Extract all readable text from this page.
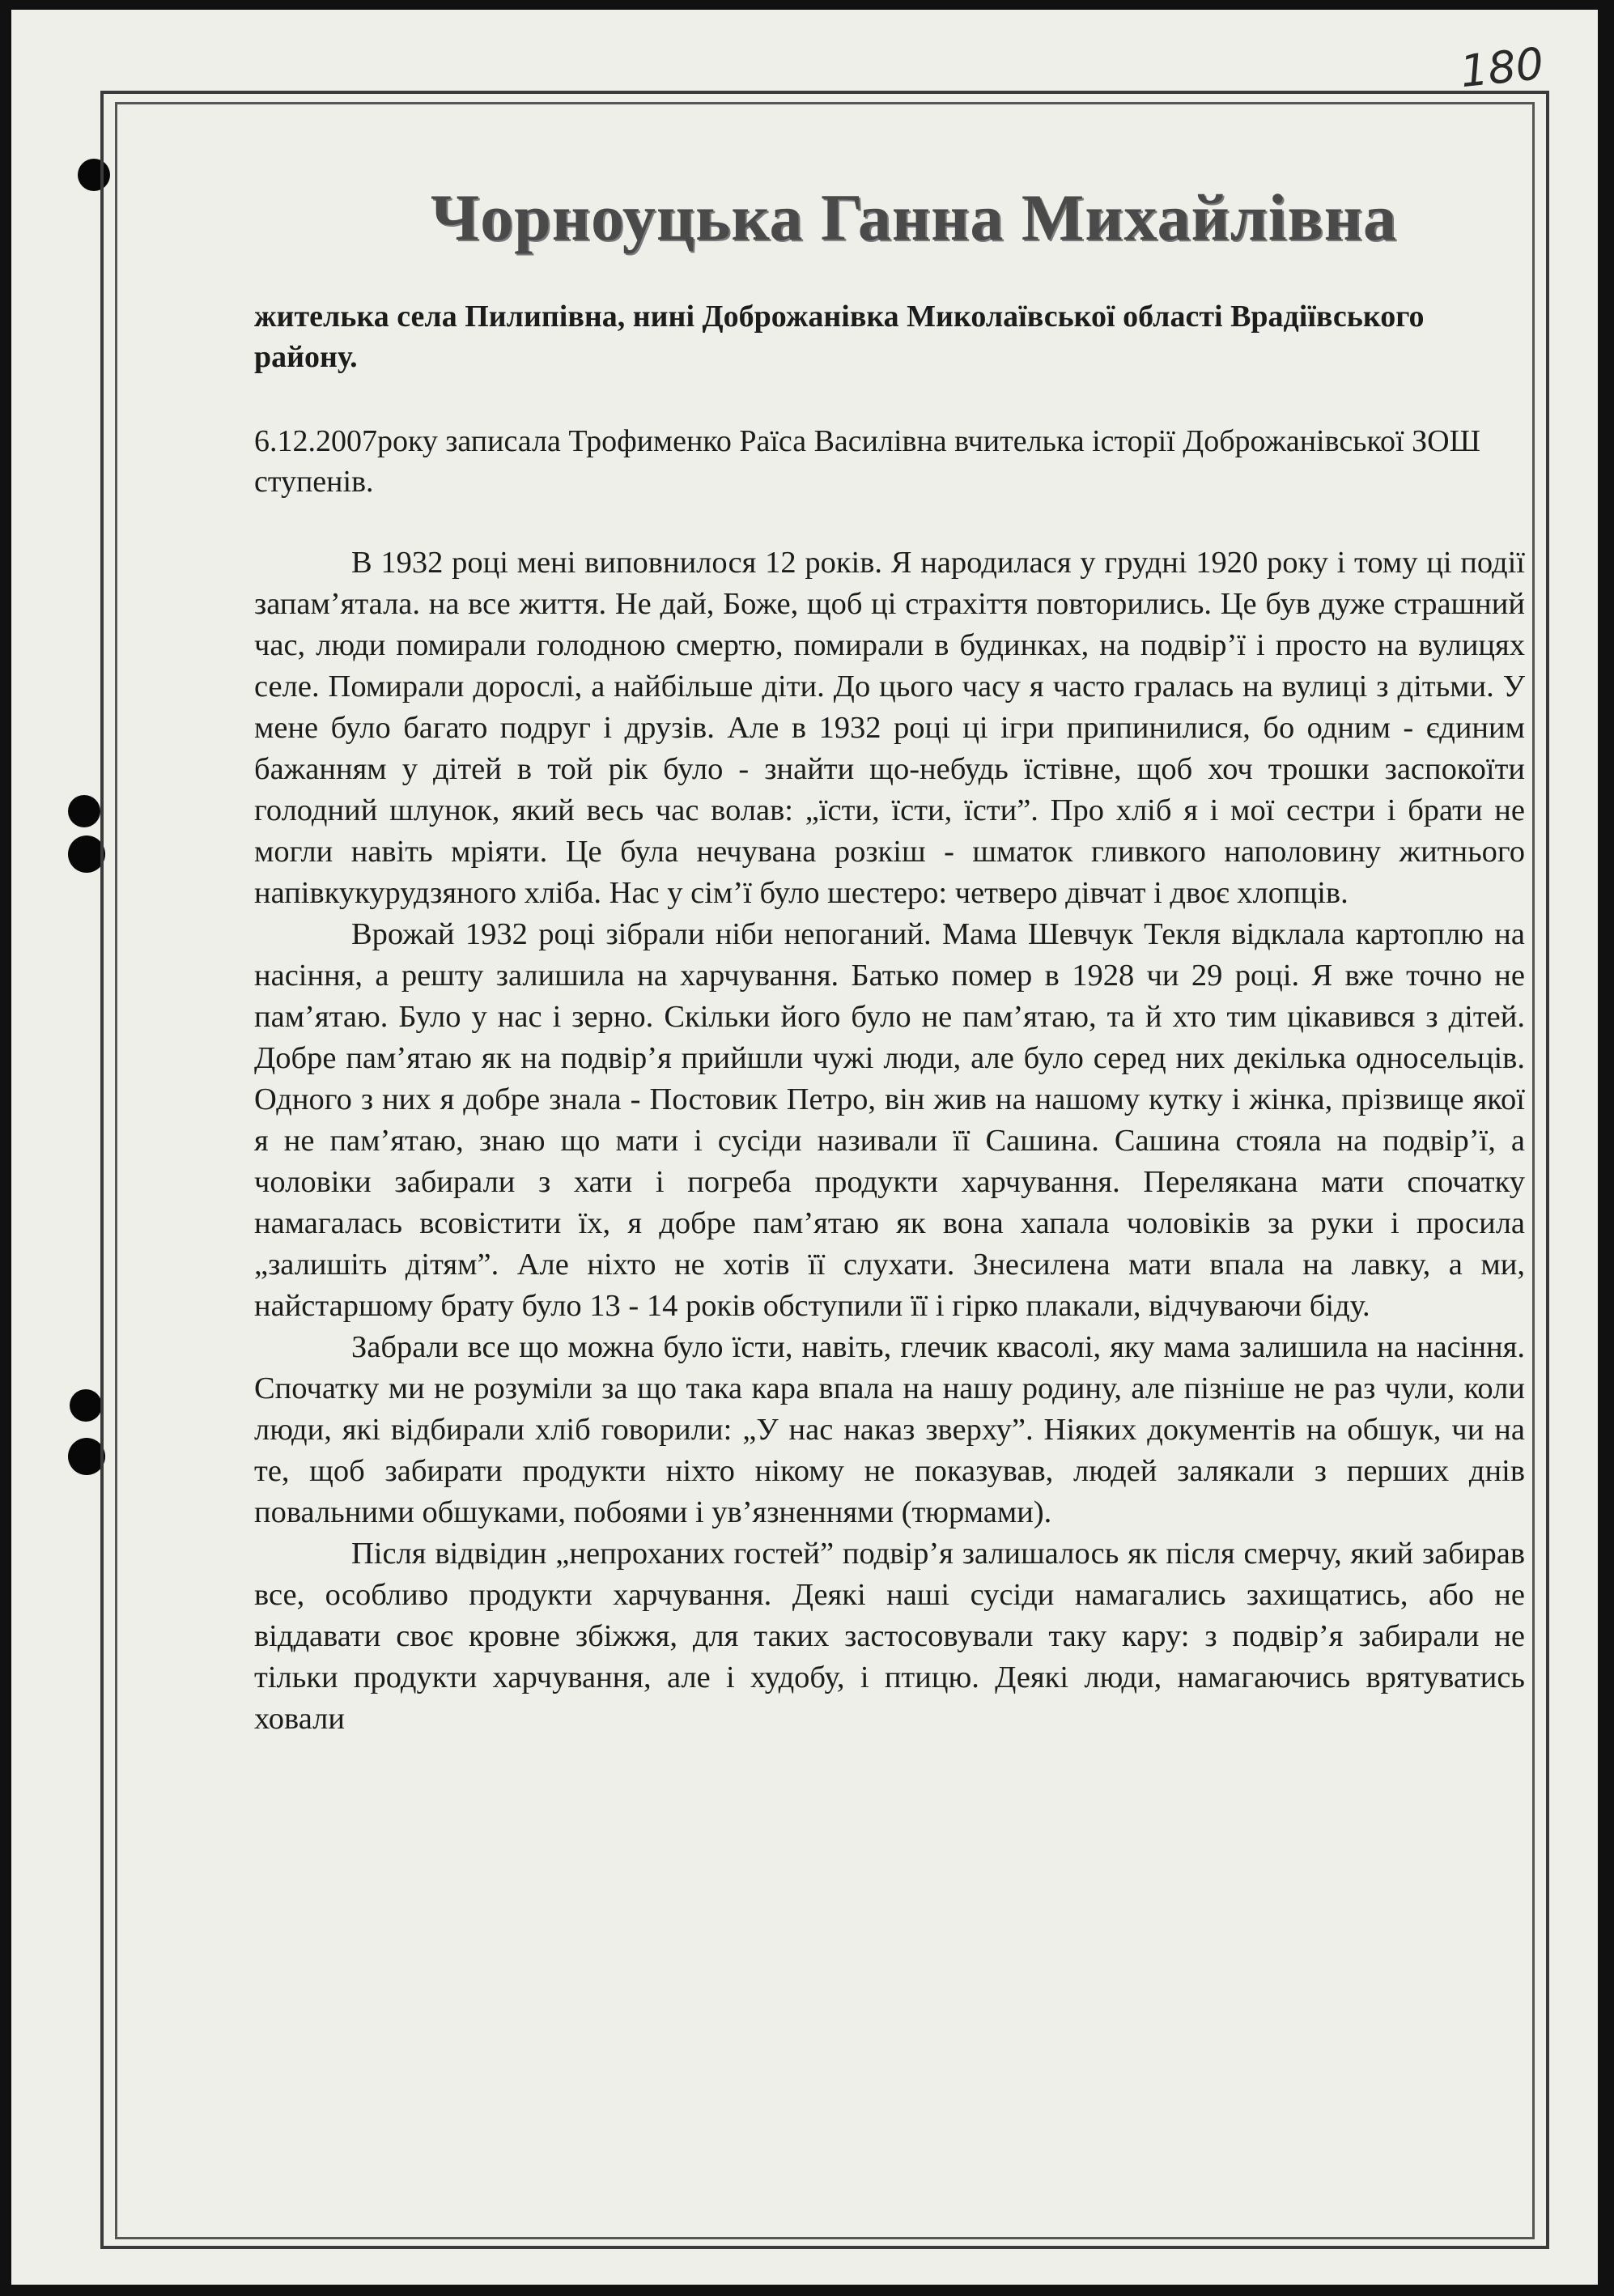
180
Чорноуцька Ганна Михайлівна

жителька села Пилипівна, нині Доброжанівка Миколаївської області Врадіївського району.

6.12.2007року записала Трофименко Раїса Василівна вчителька історії Доброжанівської ЗОШ ступенів.

В 1932 році мені виповнилося 12 років. Я народилася у грудні 1920 року і тому ці події запам’ятала. на все життя. Не дай, Боже, щоб ці страхіття повторились. Це був дуже страшний час, люди помирали голодною смертю, помирали в будинках, на подвір’ї і просто на вулицях селе. Помирали дорослі, а найбільше діти. До цього часу я часто гралась на вулиці з дітьми. У мене було багато подруг і друзів. Але в 1932 році ці ігри припинилися, бо одним - єдиним бажанням у дітей в той рік було - знайти що-небудь їстівне, щоб хоч трошки заспокоїти голодний шлунок, який весь час волав: „їсти, їсти, їсти”. Про хліб я і мої сестри і брати не могли навіть мріяти. Це була нечувана розкіш - шматок гливкого наполовину житнього напівкукурудзяного хліба. Нас у сім’ї було шестеро: четверо дівчат і двоє хлопців.

Врожай 1932 році зібрали ніби непоганий. Мама Шевчук Текля відклала картоплю на насіння, а решту залишила на харчування. Батько помер в 1928 чи 29 році. Я вже точно не пам’ятаю. Було у нас і зерно. Скільки його було не пам’ятаю, та й хто тим цікавився з дітей. Добре пам’ятаю як на подвір’я прийшли чужі люди, але було серед них декілька односельців. Одного з них я добре знала - Постовик Петро, він жив на нашому кутку і жінка, прізвище якої я не пам’ятаю, знаю що мати і сусіди називали її Сашина. Сашина стояла на подвір’ї, а чоловіки забирали з хати і погреба продукти харчування. Перелякана мати спочатку намагалась всовістити їх, я добре пам’ятаю як вона хапала чоловіків за руки і просила „залишіть дітям”. Але ніхто не хотів її слухати. Знесилена мати впала на лавку, а ми, найстаршому брату було 13 - 14 років обступили її і гірко плакали, відчуваючи біду.

Забрали все що можна було їсти, навіть, глечик квасолі, яку мама залишила на насіння. Спочатку ми не розуміли за що така кара впала на нашу родину, але пізніше не раз чули, коли люди, які відбирали хліб говорили: „У нас наказ зверху”. Ніяких документів на обшук, чи на те, щоб забирати продукти ніхто нікому не показував, людей залякали з перших днів повальними обшуками, побоями і ув’язненнями (тюрмами).

Після відвідин „непроханих гостей” подвір’я залишалось як після смерчу, який забирав все, особливо продукти харчування. Деякі наші сусіди намагались захищатись, або не віддавати своє кровне збіжжя, для таких застосовували таку кару: з подвір’я забирали не тільки продукти харчування, але і худобу, і птицю. Деякі люди, намагаючись врятуватись ховали
